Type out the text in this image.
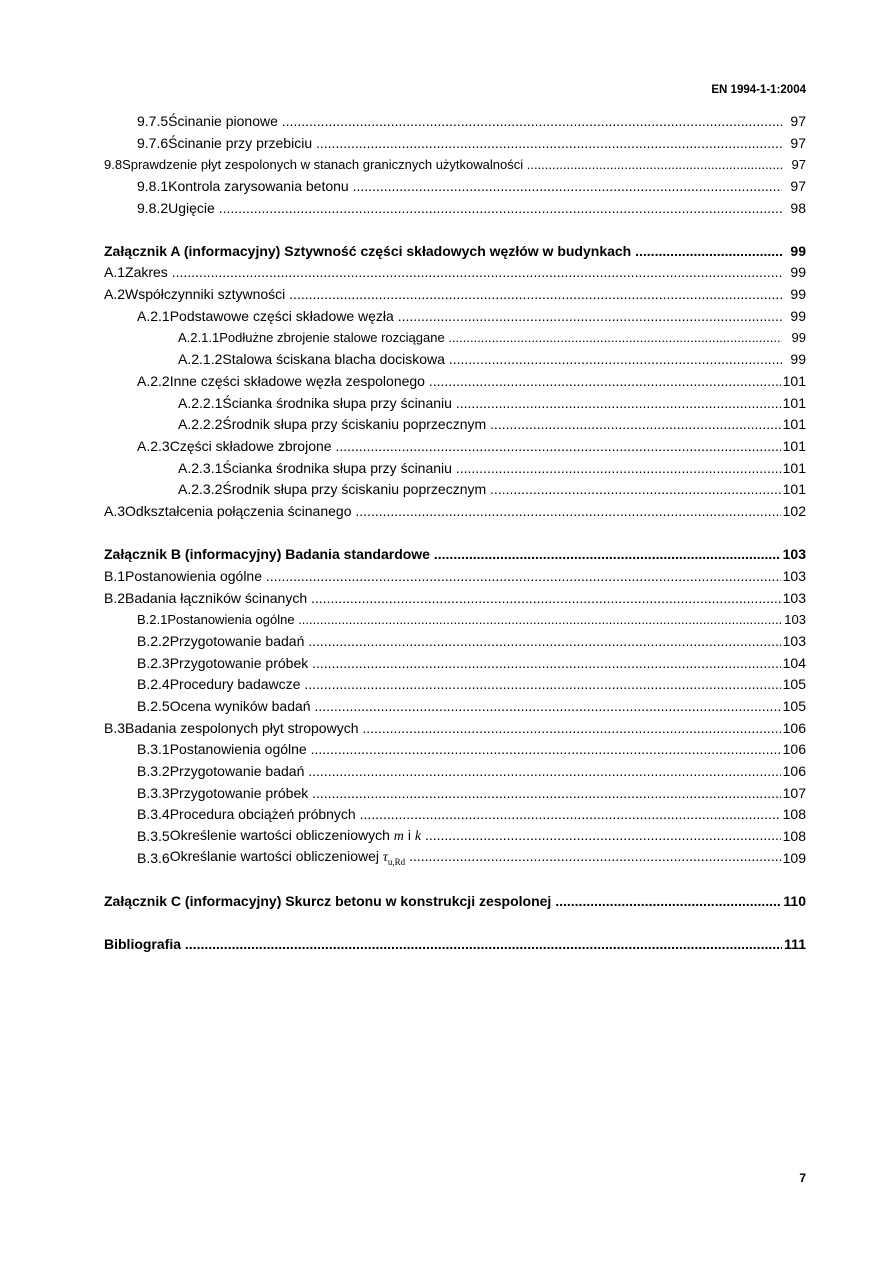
EN 1994-1-1:2004
9.7.5 Ścinanie pionowe .....	97
9.7.6 Ścinanie przy przebiciu .....	97
9.8 Sprawdzenie płyt zespolonych w stanach granicznych użytkowalności .....	97
9.8.1 Kontrola zarysowania betonu .....	97
9.8.2 Ugięcie .....	98
Załącznik A (informacyjny) Sztywność części składowych węzłów w budynkach .....	99
A.1 Zakres .....	99
A.2 Współczynniki sztywności .....	99
A.2.1 Podstawowe części składowe węzła .....	99
A.2.1.1 Podłużne zbrojenie stalowe rozciągane .....	99
A.2.1.2 Stalowa ściskana blacha dociskowa .....	99
A.2.2 Inne części składowe węzła zespolonego .....	101
A.2.2.1 Ścianka środnika słupa przy ścinaniu .....	101
A.2.2.2 Środnik słupa przy ściskaniu poprzecznym .....	101
A.2.3 Części składowe zbrojone .....	101
A.2.3.1 Ścianka środnika słupa przy ścinaniu .....	101
A.2.3.2 Środnik słupa przy ściskaniu poprzecznym .....	101
A.3 Odkształcenia połączenia ścinanego .....	102
Załącznik B (informacyjny) Badania standardowe .....	103
B.1 Postanowienia ogólne .....	103
B.2 Badania łączników ścinanych .....	103
B.2.1 Postanowienia ogólne .....	103
B.2.2 Przygotowanie badań .....	103
B.2.3 Przygotowanie próbek .....	104
B.2.4 Procedury badawcze .....	105
B.2.5 Ocena wyników badań .....	105
B.3 Badania zespolonych płyt stropowych .....	106
B.3.1 Postanowienia ogólne .....	106
B.3.2 Przygotowanie badań .....	106
B.3.3 Przygotowanie próbek .....	107
B.3.4 Procedura obciążeń próbnych .....	108
B.3.5 Określenie wartości obliczeniowych m i k .....	108
B.3.6 Określanie wartości obliczeniowej $\tau_{u,Rd}$ .....	109
Załącznik C (informacyjny) Skurcz betonu w konstrukcji zespolonej .....	110
Bibliografia .....	111
7
